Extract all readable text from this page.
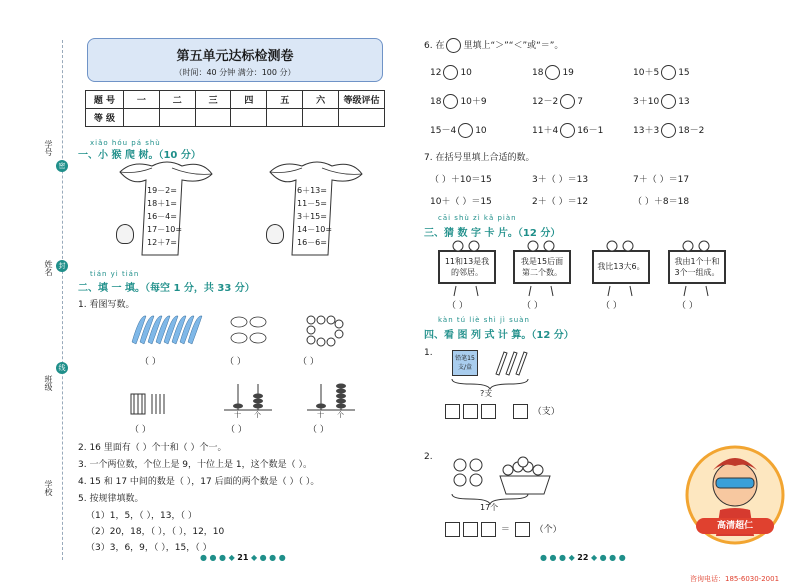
学号
姓名
班级
学校
密
封
线
第五单元达标检测卷
（时间：40 分钟 满分：100 分）
题 号	一	二	三	四	五	六	等级评估
等 级							
xiǎo hóu pá shù
一、小 猴 爬 树。（10 分）
19－2=
18＋1=
16－4=
17－10=
12＋7=
6＋13=
11－5=
3＋15=
14－10=
16－6=
tián yi tián
二、填 一 填。（每空 1 分，共 33 分）
1. 看图写数。
（ ）	（ ）	（ ）
十 个	十 个
（ ）	（ ）	（ ）
2. 16 里面有（ ）个十和（ ）个一。
3. 一个两位数，个位上是 9，十位上是 1，这个数是（ ）。
4. 15 和 17 中间的数是（ ），17 后面的两个数是（ ）（ ）。
5. 按规律填数。
（1）1，5，（ ），13，（ ）
（2）20，18，（ ），（ ），12，10
（3）3，6，9，（ ），15，（ ）
● ● ● ◆ 21 ◆ ● ● ●
6. 在 里填上“＞”“＜”或“＝”。
12 10	18 19	10＋5 15
18 10＋9	12－2 7	3＋10 13
15－4 10	11＋4 16－1	13＋3 18－2
7. 在括号里填上合适的数。
（ ）＋10＝15	3＋（ ）＝13	7＋（ ）＝17
10＋（ ）＝15	2＋（ ）＝12	（ ）＋8＝18
cāi shù zì kǎ piàn
三、猜 数 字 卡 片。（12 分）
11和13是我的邻居。
我是15后面第二个数。
我比13大6。
我由1个十和3个一组成。
（ ）	（ ）	（ ）	（ ）
kàn tú liè shì jì suàn
四、看 图 列 式 计 算。（12 分）
1.
铅笔15支/盒
?支
（支）
2.
17个
＝	（个）
● ● ● ◆ 22 ◆ ● ● ●
高清超仁
咨询电话：185-6030-2001
